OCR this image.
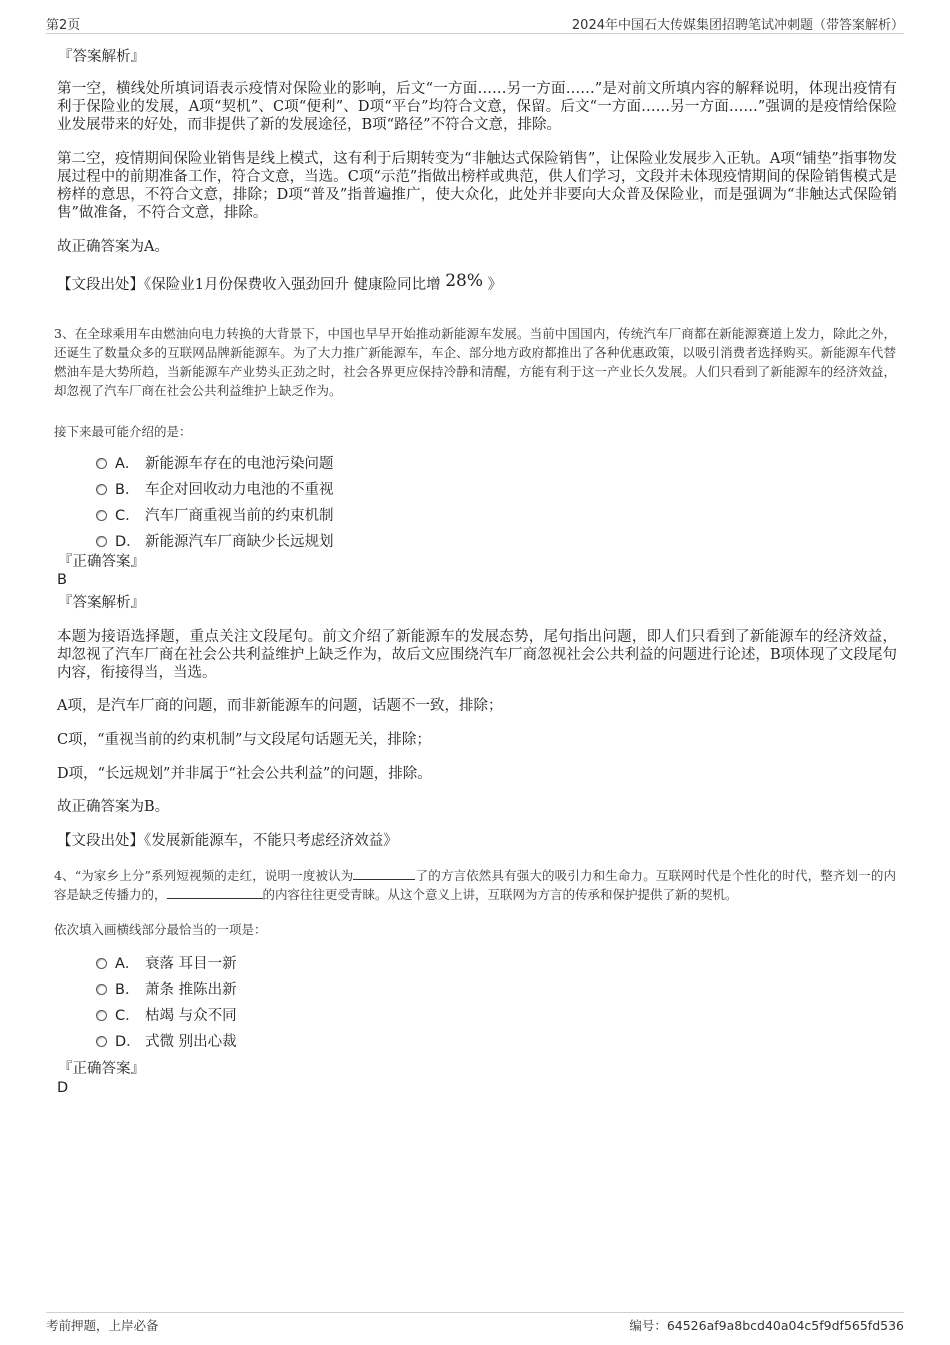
第2页	2024年中国石大传媒集团招聘笔试冲刺题（带答案解析）
『答案解析』
第一空，横线处所填词语表示疫情对保险业的影响，后文“一方面……另一方面……”是对前文所填内容的解释说明，体现出疫情有利于保险业的发展，A项“契机”、C项“便利”、D项“平台”均符合文意，保留。后文“一方面……另一方面……”强调的是疫情给保险业发展带来的好处，而非提供了新的发展途径，B项“路径”不符合文意，排除。
第二空，疫情期间保险业销售是线上模式，这有利于后期转变为“非触达式保险销售”，让保险业发展步入正轨。A项“铺垫”指事物发展过程中的前期准备工作，符合文意，当选。C项“示范”指做出榜样或典范，供人们学习，文段并未体现疫情期间的保险销售模式是榜样的意思，不符合文意，排除；D项“普及”指普遍推广，使大众化，此处并非要向大众普及保险业，而是强调为“非触达式保险销售”做准备，不符合文意，排除。
故正确答案为A。
【文段出处】《保险业1月份保费收入强劲回升 健康险同比增 28% 》
3、在全球乘用车由燃油向电力转换的大背景下，中国也早早开始推动新能源车发展。当前中国国内，传统汽车厂商都在新能源赛道上发力，除此之外，还诞生了数量众多的互联网品牌新能源车。为了大力推广新能源车，车企、部分地方政府都推出了各种优惠政策，以吸引消费者选择购买。新能源车代替燃油车是大势所趋，当新能源车产业势头正劲之时，社会各界更应保持冷静和清醒，方能有利于这一产业长久发展。人们只看到了新能源车的经济效益，却忽视了汽车厂商在社会公共利益维护上缺乏作为。
接下来最可能介绍的是：
A． 新能源车存在的电池污染问题
B． 车企对回收动力电池的不重视
C． 汽车厂商重视当前的约束机制
D． 新能源汽车厂商缺少长远规划
『正确答案』
B
『答案解析』
本题为接语选择题，重点关注文段尾句。前文介绍了新能源车的发展态势，尾句指出问题，即人们只看到了新能源车的经济效益，却忽视了汽车厂商在社会公共利益维护上缺乏作为，故后文应围绕汽车厂商忽视社会公共利益的问题进行论述，B项体现了文段尾句内容，衔接得当，当选。
A项，是汽车厂商的问题，而非新能源车的问题，话题不一致，排除；
C项，“重视当前的约束机制”与文段尾句话题无关，排除；
D项，“长远规划”并非属于“社会公共利益”的问题，排除。
故正确答案为B。
【文段出处】《发展新能源车，不能只考虑经济效益》
4、“为家乡上分”系列短视频的走红，说明一度被认为	了的方言依然具有强大的吸引力和生命力。互联网时代是个性化的时代，整齐划一的内容是缺乏传播力的，	的内容往往更受青睐。从这个意义上讲，互联网为方言的传承和保护提供了新的契机。
依次填入画横线部分最恰当的一项是：
A． 衰落 耳目一新
B． 萧条 推陈出新
C． 枯竭 与众不同
D． 式微 别出心裁
『正确答案』
D
考前押题，上岸必备	编号：64526af9a8bcd40a04c5f9df565fd536
